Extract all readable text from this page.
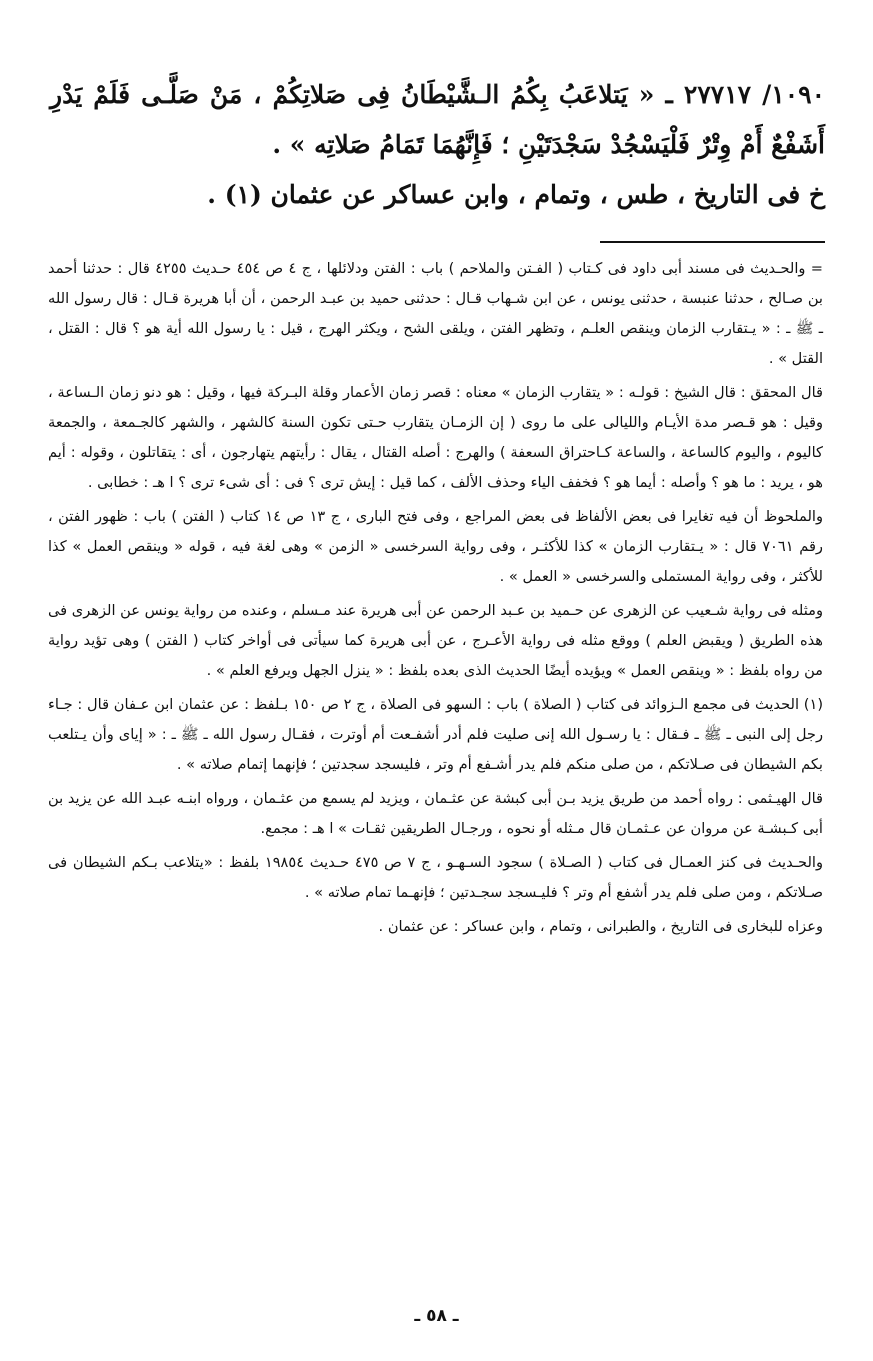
١٠٩٠/ ٢٧٧١٧ ـ « يَتلاعَبُ بِكُمُ الـشَّيْطَانُ فِى صَلاتِكُمْ ، مَنْ صَلَّـى فَلَمْ يَدْرِ أَشَفْعٌ أَمْ وِتْرٌ فَلْيَسْجُدْ سَجْدَتَيْنِ ؛ فَإِنَّهُمَا تَمَامُ صَلاتِه » .

خ فى التاريخ ، طس ، وتمام ، وابن عساكر عن عثمان (١) .

= والحـديث فى مسند أبى داود فى كـتاب ( الفـتن والملاحم ) باب : الفتن ودلائلها ، ج ٤ ص ٤٥٤ حـديث ٤٢٥٥ قال : حدثنا أحمد بن صـالح ، حدثنا عنبسة ، حدثنى يونس ، عن ابن شـهاب قـال : حدثنى حميد بن عبـد الرحمن ، أن أبا هريرة قـال : قال رسول الله ـ ﷺ ـ : « يـتقارب الزمان وينقص العلـم ، وتظهر الفتن ، ويلقى الشح ، ويكثر الهرج ، قيل : يا رسول الله أية هو ؟ قال : القتل ، القتل » .

قال المحقق : قال الشيخ : قولـه : « يتقارب الزمان » معناه : قصر زمان الأعمار وقلة البـركة فيها ، وقيل : هو دنو زمان الـساعة ، وقيل : هو قـصر مدة الأيـام والليالى على ما روى ( إن الزمـان يتقارب حـتى تكون السنة كالشهر ، والشهر كالجـمعة ، والجمعة كاليوم ، واليوم كالساعة ، والساعة كـاحتراق السعفة ) والهرج : أصله القتال ، يقال : رأيتهم يتهارجون ، أى : يتقاتلون ، وقوله : أيم هو ، يريد : ما هو ؟ وأصله : أيما هو ؟ فخفف الياء وحذف الألف ، كما قيل : إيش ترى ؟ فى : أى شىء ترى ؟ ا هـ : خطابى .

والملحوظ أن فيه تغايرا فى بعض الألفاظ فى بعض المراجع ، وفى فتح البارى ، ج ١٣ ص ١٤ كتاب ( الفتن ) باب : ظهور الفتن ، رقم ٧٠٦١ قال : « يـتقارب الزمان » كذا للأكثـر ، وفى رواية السرخسى « الزمن » وهى لغة فيه ، قوله « وينقص العمل » كذا للأكثر ، وفى رواية المستملى والسرخسى « العمل » .

ومثله فى رواية شـعيب عن الزهرى عن حـميد بن عـبد الرحمن عن أبى هريرة عند مـسلم ، وعنده من رواية يونس عن الزهرى فى هذه الطريق ( ويقبض العلم ) ووقع مثله فى رواية الأعـرج ، عن أبى هريرة كما سيأتى فى أواخر كتاب ( الفتن ) وهى تؤيد رواية من رواه بلفظ : « وينقص العمل » ويؤيده أيضًا الحديث الذى بعده بلفظ : « ينزل الجهل ويرفع العلم » .

(١) الحديث فى مجمع الـزوائد فى كتاب ( الصلاة ) باب : السهو فى الصلاة ، ج ٢ ص ١٥٠ بـلفظ : عن عثمان ابن عـفان قال : جـاء رجل إلى النبى ـ ﷺ ـ فـقال : يا رسـول الله إنى صليت فلم أدر أشفـعت أم أوترت ، فقـال رسول الله ـ ﷺ ـ : « إياى وأن يـتلعب بكم الشيطان فى صـلاتكم ، من صلى منكم فلم يدر أشـفع أم وتر ، فليسجد سجدتين ؛ فإنهما إتمام صلاته » .

قال الهيـثمى : رواه أحمد من طريق يزيد بـن أبى كبشة عن عثـمان ، ويزيد لم يسمع من عثـمان ، ورواه ابنـه عبـد الله عن يزيد بن أبى كـبشـة عن مروان عن عـثمـان قال مـثله أو نحوه ، ورجـال الطريقين ثقـات » ا هـ : مجمع.

والحـديث فى كنز العمـال فى كتاب ( الصـلاة ) سجود السـهـو ، ج ٧ ص ٤٧٥ حـديث ١٩٨٥٤ بلفظ : «يتلاعب بـكم الشيطان فى صـلاتكم ، ومن صلى فلم يدر أشفع أم وتر ؟ فليـسجد سجـدتين ؛ فإنهـما تمام صلاته » .

وعزاه للبخارى فى التاريخ ، والطبرانى ، وتمام ، وابن عساكر : عن عثمان .

ـ ٥٨ ـ
